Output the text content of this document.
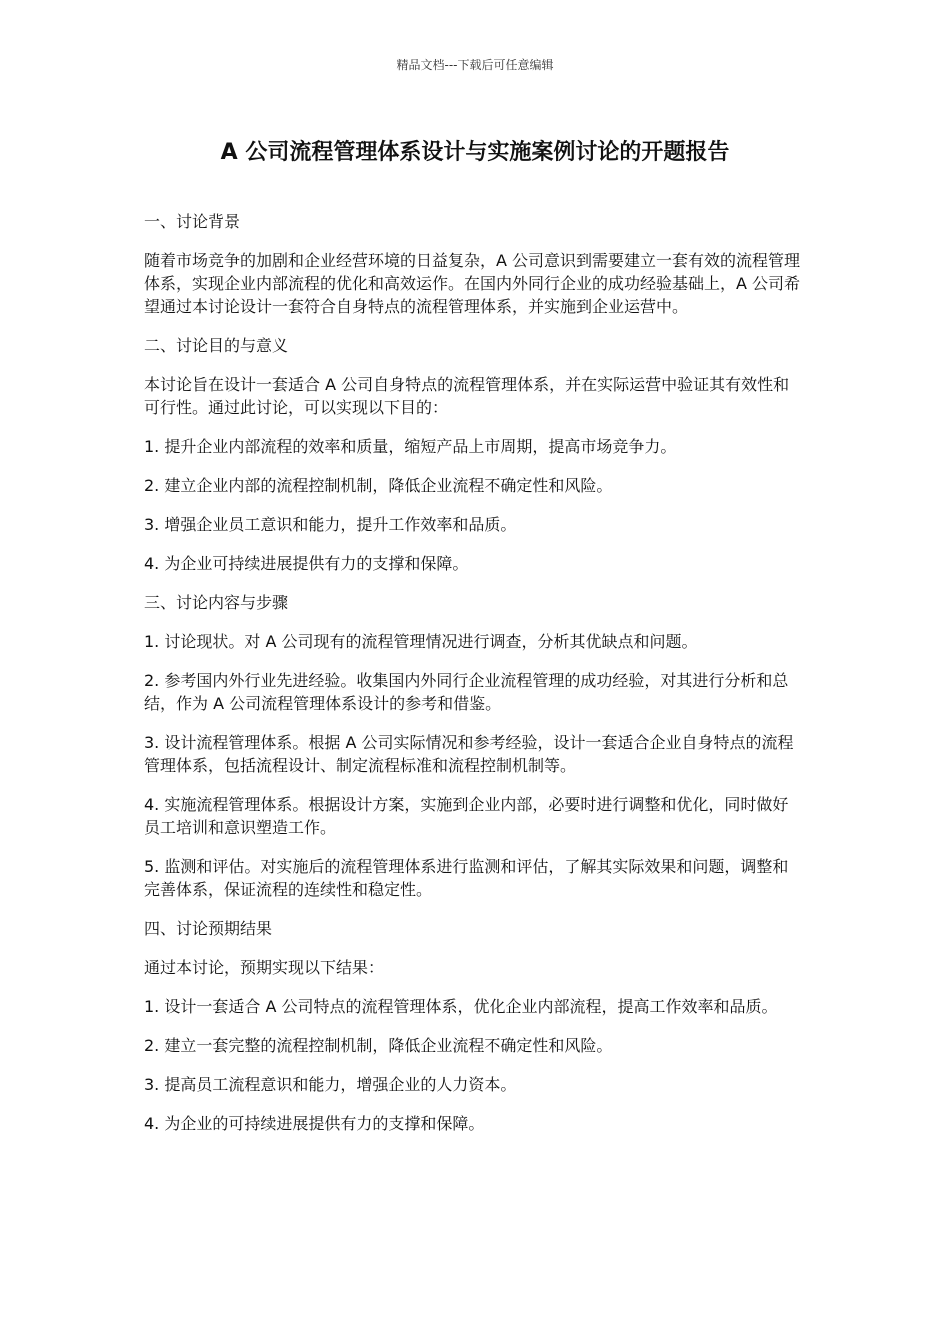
精品文档---下载后可任意编辑
A 公司流程管理体系设计与实施案例讨论的开题报告

一、讨论背景

随着市场竞争的加剧和企业经营环境的日益复杂，A 公司意识到需要建立一套有效的流程管理体系，实现企业内部流程的优化和高效运作。在国内外同行企业的成功经验基础上，A 公司希望通过本讨论设计一套符合自身特点的流程管理体系，并实施到企业运营中。

二、讨论目的与意义

本讨论旨在设计一套适合 A 公司自身特点的流程管理体系，并在实际运营中验证其有效性和可行性。通过此讨论，可以实现以下目的：

1. 提升企业内部流程的效率和质量，缩短产品上市周期，提高市场竞争力。

2. 建立企业内部的流程控制机制，降低企业流程不确定性和风险。

3. 增强企业员工意识和能力，提升工作效率和品质。

4. 为企业可持续进展提供有力的支撑和保障。

三、讨论内容与步骤

1. 讨论现状。对 A 公司现有的流程管理情况进行调查，分析其优缺点和问题。

2. 参考国内外行业先进经验。收集国内外同行企业流程管理的成功经验，对其进行分析和总结，作为 A 公司流程管理体系设计的参考和借鉴。

3. 设计流程管理体系。根据 A 公司实际情况和参考经验，设计一套适合企业自身特点的流程管理体系，包括流程设计、制定流程标准和流程控制机制等。

4. 实施流程管理体系。根据设计方案，实施到企业内部，必要时进行调整和优化，同时做好员工培训和意识塑造工作。

5. 监测和评估。对实施后的流程管理体系进行监测和评估，了解其实际效果和问题，调整和完善体系，保证流程的连续性和稳定性。

四、讨论预期结果

通过本讨论，预期实现以下结果：

1. 设计一套适合 A 公司特点的流程管理体系，优化企业内部流程，提高工作效率和品质。

2. 建立一套完整的流程控制机制，降低企业流程不确定性和风险。

3. 提高员工流程意识和能力，增强企业的人力资本。

4. 为企业的可持续进展提供有力的支撑和保障。
